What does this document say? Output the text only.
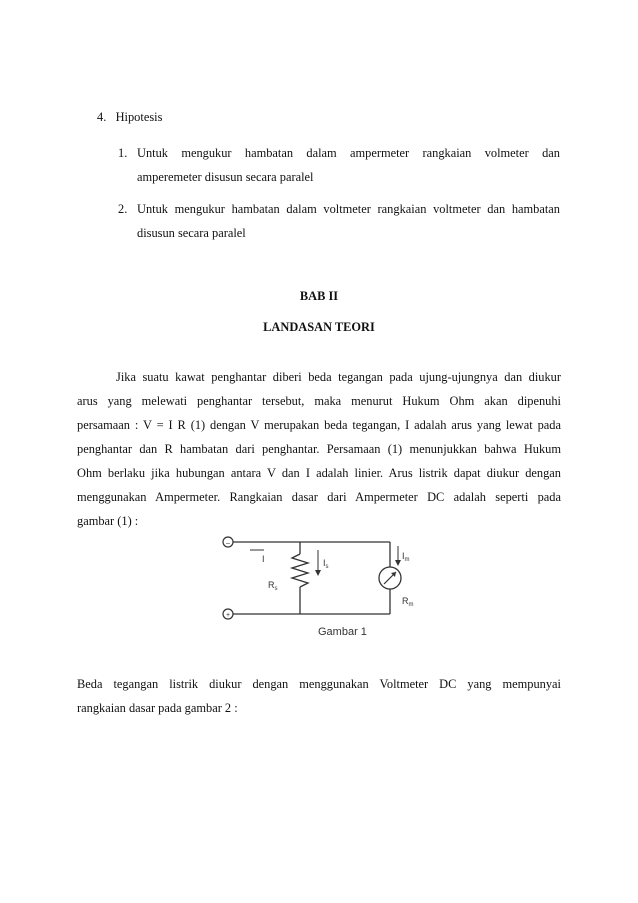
4. Hipotesis
1. Untuk mengukur hambatan dalam ampermeter rangkaian volmeter dan
amperemeter disusun secara paralel
2. Untuk mengukur hambatan dalam voltmeter rangkaian voltmeter dan hambatan
disusun secara paralel
BAB II
LANDASAN TEORI
Jika suatu kawat penghantar diberi beda tegangan pada ujung-ujungnya dan diukur
arus yang melewati penghantar tersebut, maka menurut Hukum Ohm akan dipenuhi
persamaan : V = I R (1) dengan V merupakan beda tegangan, I adalah arus yang lewat pada
penghantar dan R hambatan dari penghantar. Persamaan (1) menunjukkan bahwa Hukum
Ohm berlaku jika hubungan antara V dan I adalah linier. Arus listrik dapat diukur dengan
menggunakan Ampermeter. Rangkaian dasar dari Ampermeter DC adalah seperti pada
gambar (1) :
–
+
I	$I_s$
$R_s$
$I_m$
$R_m$
Gambar 1
Beda tegangan listrik diukur dengan menggunakan Voltmeter DC yang mempunyai
rangkaian dasar pada gambar 2 :
